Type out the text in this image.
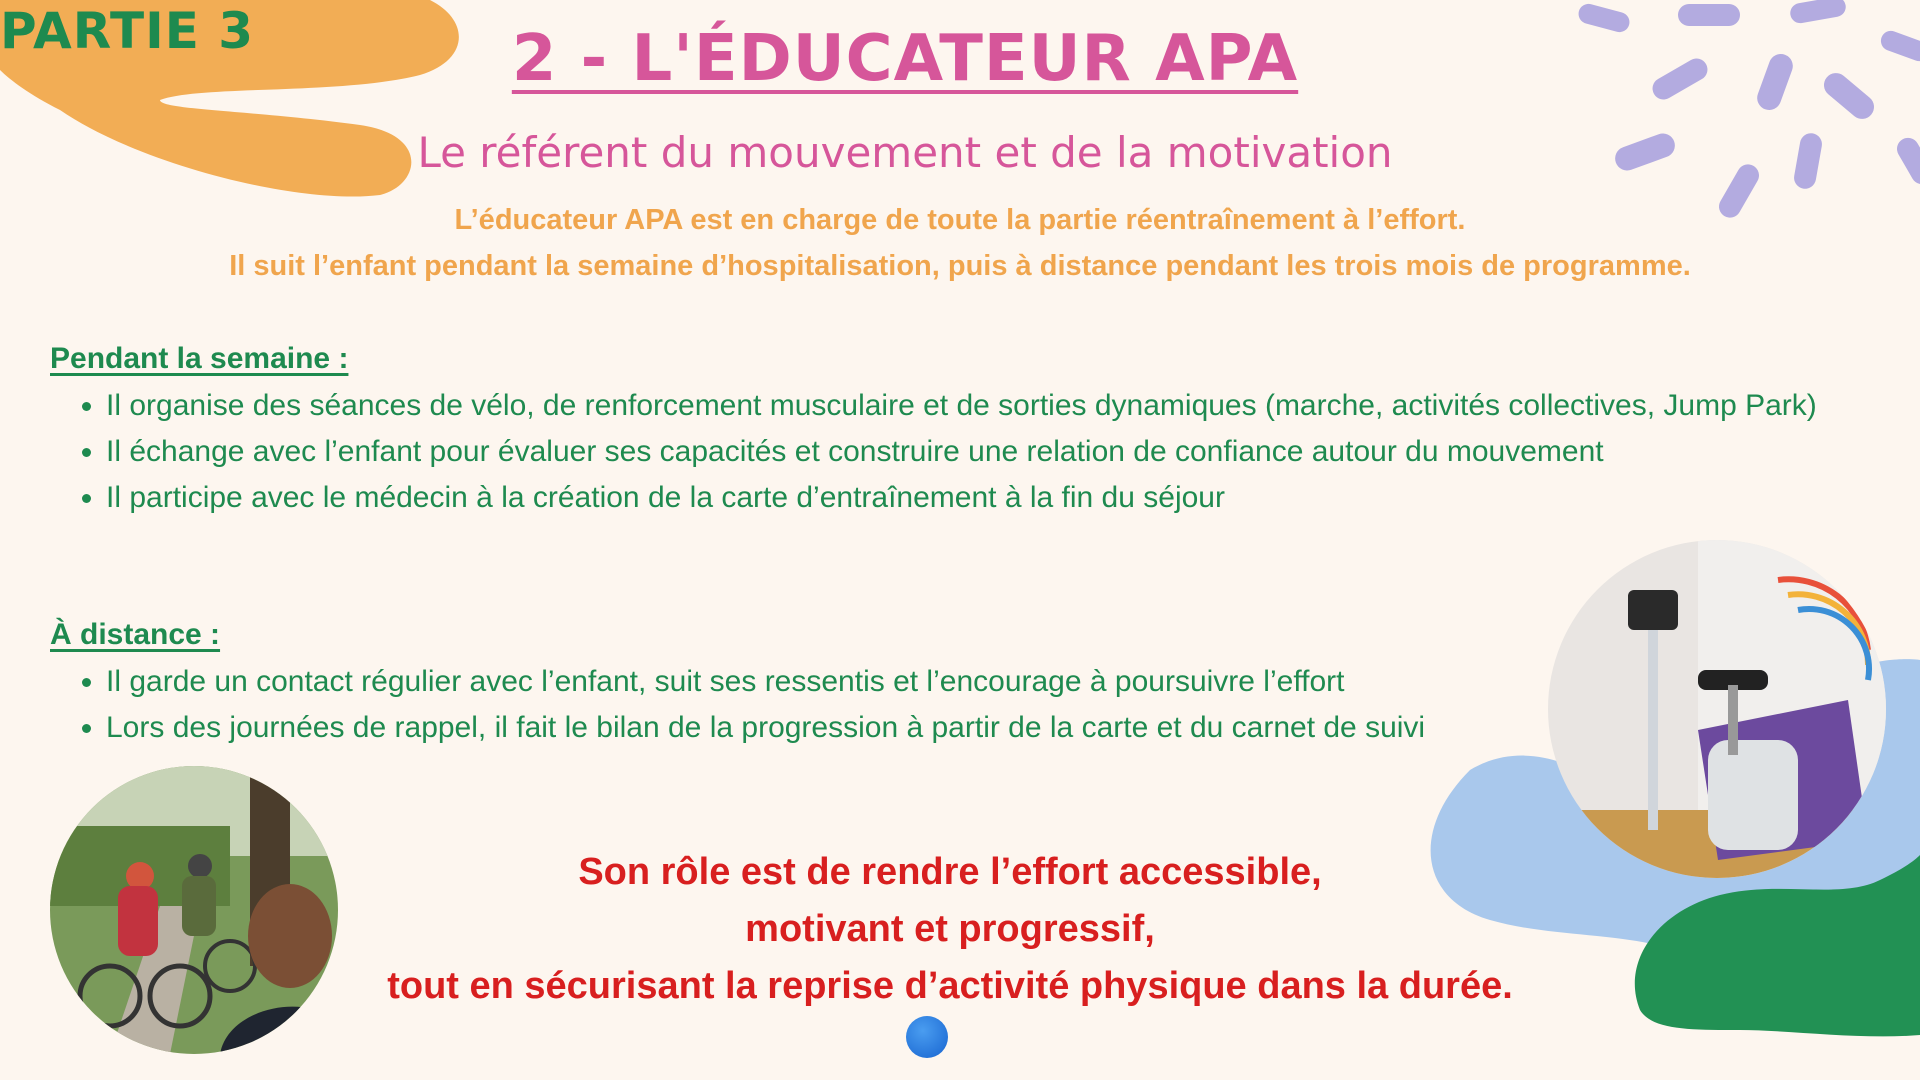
PARTIE 3	2 - L'ÉDUCATEUR APA
Le référent du mouvement et de la motivation

L’éducateur APA est en charge de toute la partie réentraînement à l’effort.

Il suit l’enfant pendant la semaine d’hospitalisation, puis à distance pendant les trois mois de programme.

Pendant la semaine :
• Il organise des séances de vélo, de renforcement musculaire et de sorties dynamiques (marche, activités collectives, Jump Park)
• Il échange avec l’enfant pour évaluer ses capacités et construire une relation de confiance autour du mouvement
• Il participe avec le médecin à la création de la carte d’entraînement à la fin du séjour
À distance :
• Il garde un contact régulier avec l’enfant, suit ses ressentis et l’encourage à poursuivre l’effort
• Lors des journées de rappel, il fait le bilan de la progression à partir de la carte et du carnet de suivi
Son rôle est de rendre l’effort accessible,
motivant et progressif,
tout en sécurisant la reprise d’activité physique dans la durée.
